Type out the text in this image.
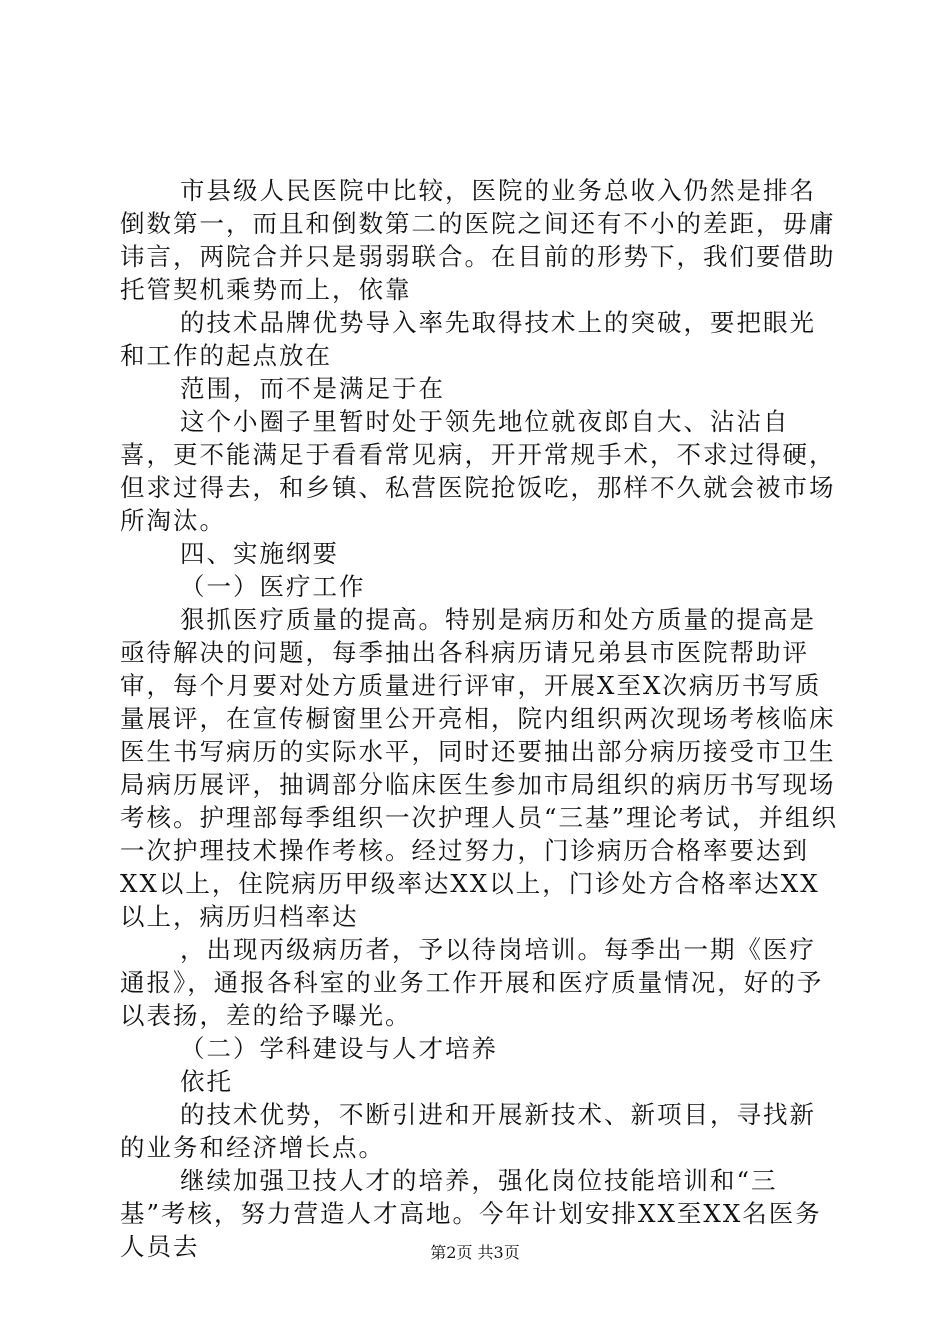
市县级人民医院中比较，医院的业务总收入仍然是排名倒数第一，而且和倒数第二的医院之间还有不小的差距，毋庸讳言，两院合并只是弱弱联合。在目前的形势下，我们要借助托管契机乘势而上，依靠

的技术品牌优势导入率先取得技术上的突破，要把眼光和工作的起点放在

范围，而不是满足于在

这个小圈子里暂时处于领先地位就夜郎自大、沾沾自喜，更不能满足于看看常见病，开开常规手术，不求过得硬，但求过得去，和乡镇、私营医院抢饭吃，那样不久就会被市场所淘汰。

四、实施纲要

（一）医疗工作

狠抓医疗质量的提高。特别是病历和处方质量的提高是亟待解决的问题，每季抽出各科病历请兄弟县市医院帮助评审，每个月要对处方质量进行评审，开展X至X次病历书写质量展评，在宣传橱窗里公开亮相，院内组织两次现场考核临床医生书写病历的实际水平，同时还要抽出部分病历接受市卫生局病历展评，抽调部分临床医生参加市局组织的病历书写现场考核。护理部每季组织一次护理人员“三基”理论考试，并组织一次护理技术操作考核。经过努力，门诊病历合格率要达到XX以上，住院病历甲级率达XX以上，门诊处方合格率达XX以上，病历归档率达

，出现丙级病历者，予以待岗培训。每季出一期《医疗通报》，通报各科室的业务工作开展和医疗质量情况，好的予以表扬，差的给予曝光。

（二）学科建设与人才培养

依托

的技术优势，不断引进和开展新技术、新项目，寻找新的业务和经济增长点。

继续加强卫技人才的培养，强化岗位技能培训和“三基”考核，努力营造人才高地。今年计划安排XX至XX名医务人员去	第2页 共3页
